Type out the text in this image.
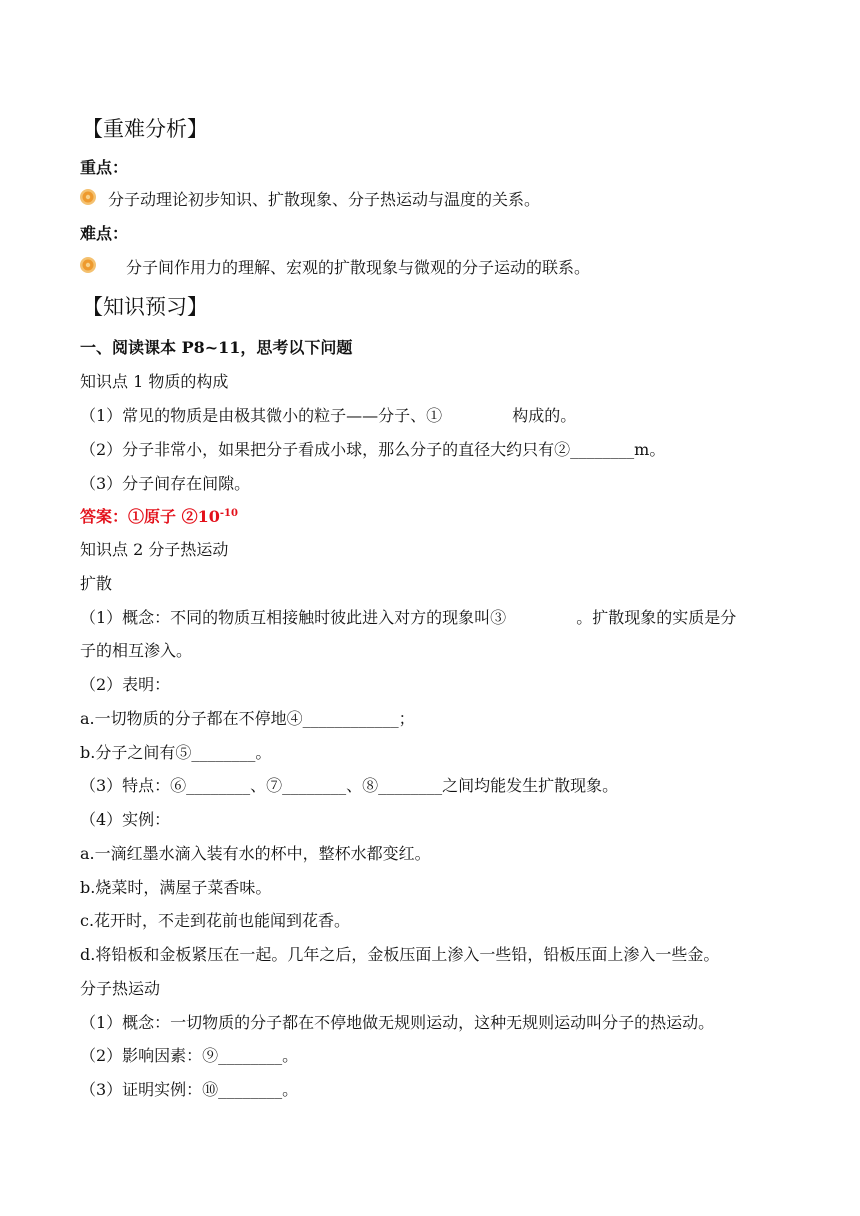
【重难分析】
重点：
分子动理论初步知识、扩散现象、分子热运动与温度的关系。
难点：
分子间作用力的理解、宏观的扩散现象与微观的分子运动的联系。
【知识预习】
一、阅读课本 P8~11，思考以下问题
知识点 1 物质的构成
（1）常见的物质是由极其微小的粒子——分子、①	构成的。
（2）分子非常小，如果把分子看成小球，那么分子的直径大约只有②________m。
（3）分子间存在间隙。
答案：①原子 $②10^{-10}$
知识点 2 分子热运动
扩散
（1）概念：不同的物质互相接触时彼此进入对方的现象叫③	。扩散现象的实质是分
子的相互渗入。
（2）表明：
a.一切物质的分子都在不停地④____________；
b.分子之间有⑤________。
（3）特点：⑥________、⑦________、⑧________之间均能发生扩散现象。
（4）实例：
a.一滴红墨水滴入装有水的杯中，整杯水都变红。
b.烧菜时，满屋子菜香味。
c.花开时，不走到花前也能闻到花香。
d.将铅板和金板紧压在一起。几年之后，金板压面上渗入一些铅，铅板压面上渗入一些金。
分子热运动
（1）概念：一切物质的分子都在不停地做无规则运动，这种无规则运动叫分子的热运动。
（2）影响因素：⑨________。
（3）证明实例：⑩________。
